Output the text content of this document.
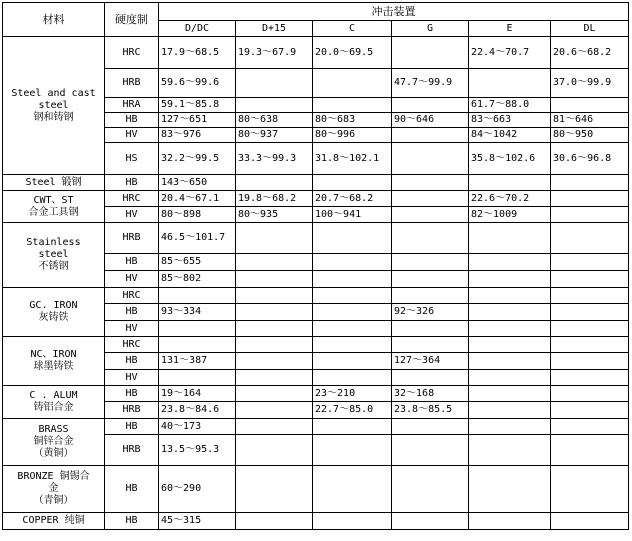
材料	硬度制	冲击装置					
		D/DC	D+15	C	G	E	DL

Steel and cast
steel
钢和铸钢	HRC	17.9～68.5	19.3～67.9	20.0～69.5		22.4～70.7	20.6～68.2
	HRB	59.6～99.6			47.7～99.9		37.0～99.9
	HRA	59.1～85.8				61.7～88.0	
	HB	127～651	80～638	80～683	90～646	83～663	81～646
	HV	83～976	80～937	80～996		84～1042	80～950
	HS	32.2～99.5	33.3～99.3	31.8～102.1		35.8～102.6	30.6～96.8

Steel 锻钢	HB	143～650					

CWT、ST
合金工具钢	HRC	20.4～67.1	19.8～68.2	20.7～68.2		22.6～70.2	
	HV	80～898	80～935	100～941		82～1009	

Stainless
steel
不锈钢	HRB	46.5～101.7					
	HB	85～655					
	HV	85～802					

GC. IRON
灰铸铁	HRC						
	HB	93～334			92～326		
	HV						

NC、IRON
球墨铸铁	HRC						
	HB	131～387			127～364		
	HV						

C . ALUM
铸铝合金	HB	19～164		23～210	32～168		
	HRB	23.8～84.6		22.7～85.0	23.8～85.5		

BRASS
铜锌合金
（黄铜）	HB	40～173					
	HRB	13.5～95.3					

BRONZE 铜锡合
金
（青铜）	HB	60～290					

COPPER 纯铜	HB	45～315					
